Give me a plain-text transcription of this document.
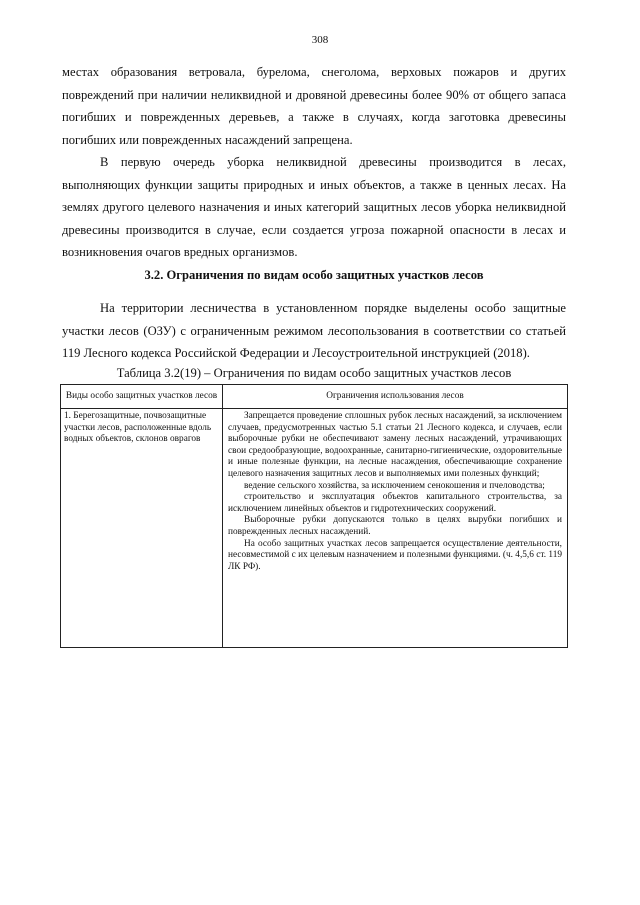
308

местах образования ветровала, бурелома, снеголома, верховых пожаров и других повреждений при наличии неликвидной и дровяной древесины более 90% от общего запаса погибших и поврежденных деревьев, а также в случаях, когда заготовка древесины погибших или поврежденных насаждений запрещена.

В первую очередь уборка неликвидной древесины производится в лесах, выполняющих функции защиты природных и иных объектов, а также в ценных лесах. На землях другого целевого назначения и иных категорий защитных лесов уборка неликвидной древесины производится в случае, если создается угроза пожарной опасности в лесах и возникновения очагов вредных организмов.

3.2. Ограничения по видам особо защитных участков лесов

На территории лесничества в установленном порядке выделены особо защитные участки лесов (ОЗУ) с ограниченным режимом лесопользования в соответствии со статьей 119 Лесного кодекса Российской Федерации и Лесоустроительной инструкцией (2018).

Таблица 3.2(19) – Ограничения по видам особо защитных участков лесов
Виды особо защитных участков лесов	Ограничения использования лесов
1. Берегозащитные, почвозащитные участки лесов, расположенные вдоль водных объектов, склонов оврагов	Запрещается проведение сплошных рубок лесных насаждений, за исключением случаев, предусмотренных частью 5.1 статьи 21 Лесного кодекса, и случаев, если выборочные рубки не обеспечивают замену лесных насаждений, утрачивающих свои средообразующие, водоохранные, санитарно-гигиенические, оздоровительные и иные полезные функции, на лесные насаждения, обеспечивающие сохранение целевого назначения защитных лесов и выполняемых ими полезных функций;

ведение сельского хозяйства, за исключением сенокошения и пчеловодства;

строительство и эксплуатация объектов капитального строительства, за исключением линейных объектов и гидротехнических сооружений.

Выборочные рубки допускаются только в целях вырубки погибших и поврежденных лесных насаждений.

На особо защитных участках лесов запрещается осуществление деятельности, несовместимой с их целевым назначением и полезными функциями. (ч. 4,5,6 ст. 119 ЛК РФ).
